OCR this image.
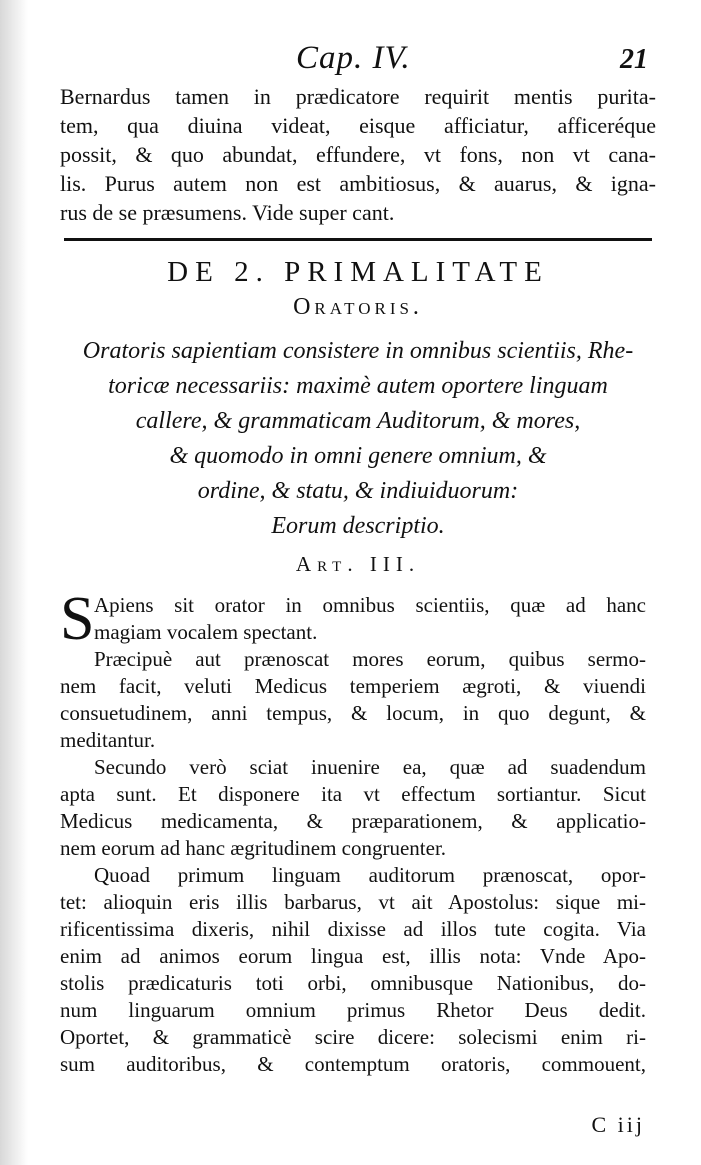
Cap. IV.	21
Bernardus tamen in prædicatore requirit mentis purita-
tem, qua diuina videat, eisque afficiatur, afficeréque
possit, & quo abundat, effundere, vt fons, non vt cana-
lis. Purus autem non est ambitiosus, & auarus, & igna-
rus de se præsumens. Vide super cant.
DE 2. PRIMALITATE
Oratoris.
Oratoris sapientiam consistere in omnibus scientiis, Rhe-
toricæ necessariis: maximè autem oportere linguam
callere, & grammaticam Auditorum, & mores,
& quomodo in omni genere omnium, &
ordine, & statu, & indiuiduorum:
Eorum descriptio.
Art. III.
S Apiens sit orator in omnibus scientiis, quæ ad hanc
magiam vocalem spectant.
Præcipuè aut prænoscat mores eorum, quibus sermo-
nem facit, veluti Medicus temperiem ægroti, & viuendi
consuetudinem, anni tempus, & locum, in quo degunt, &
meditantur.
Secundo verò sciat inuenire ea, quæ ad suadendum
apta sunt. Et disponere ita vt effectum sortiantur. Sicut
Medicus medicamenta, & præparationem, & applicatio-
nem eorum ad hanc ægritudinem congruenter.
Quoad primum linguam auditorum prænoscat, opor-
tet: alioquin eris illis barbarus, vt ait Apostolus: sique mi-
rificentissima dixeris, nihil dixisse ad illos tute cogita. Via
enim ad animos eorum lingua est, illis nota: Vnde Apo-
stolis prædicaturis toti orbi, omnibusque Nationibus, do-
num linguarum omnium primus Rhetor Deus dedit.
Oportet, & grammaticè scire dicere: solecismi enim ri-
sum auditoribus, & contemptum oratoris, commouent,
C iij
